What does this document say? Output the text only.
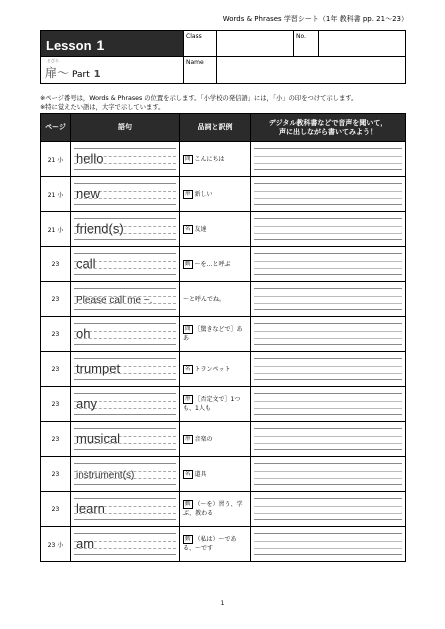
Words & Phrases 学習シート（1年 教科書 pp. 21～23）
Lesson 1	Class		No.	

とびら
扉～ Part 1	Name			
※ページ番号は，Words & Phrases の位置を示します。「小学校の発信語」には，「小」の印をつけて示します。
※特に覚えたい語は，大字で示しています。
ページ	語句	品詞と訳例	デジタル教科書などで音声を聞いて，
声に出しながら書いてみよう！

21 小	hello	間 こんにちは	

21 小	new	形 新しい	

21 小	friend(s)	名 友達	

23	call	動 ～を…と呼ぶ	

23	Please call me ~.	～と呼んでね。	

23	oh	間 ［驚きなどで］ああ	

23	trumpet	名 トランペット	

23	any	形 ［否定文で］1つも、1人も	

23	musical	形 音楽の	

23	instrument(s)	名 道具	

23	learn	動 （～を）習う、学ぶ、教わる	

23 小	am	動 （私は）～である、～です	
1
